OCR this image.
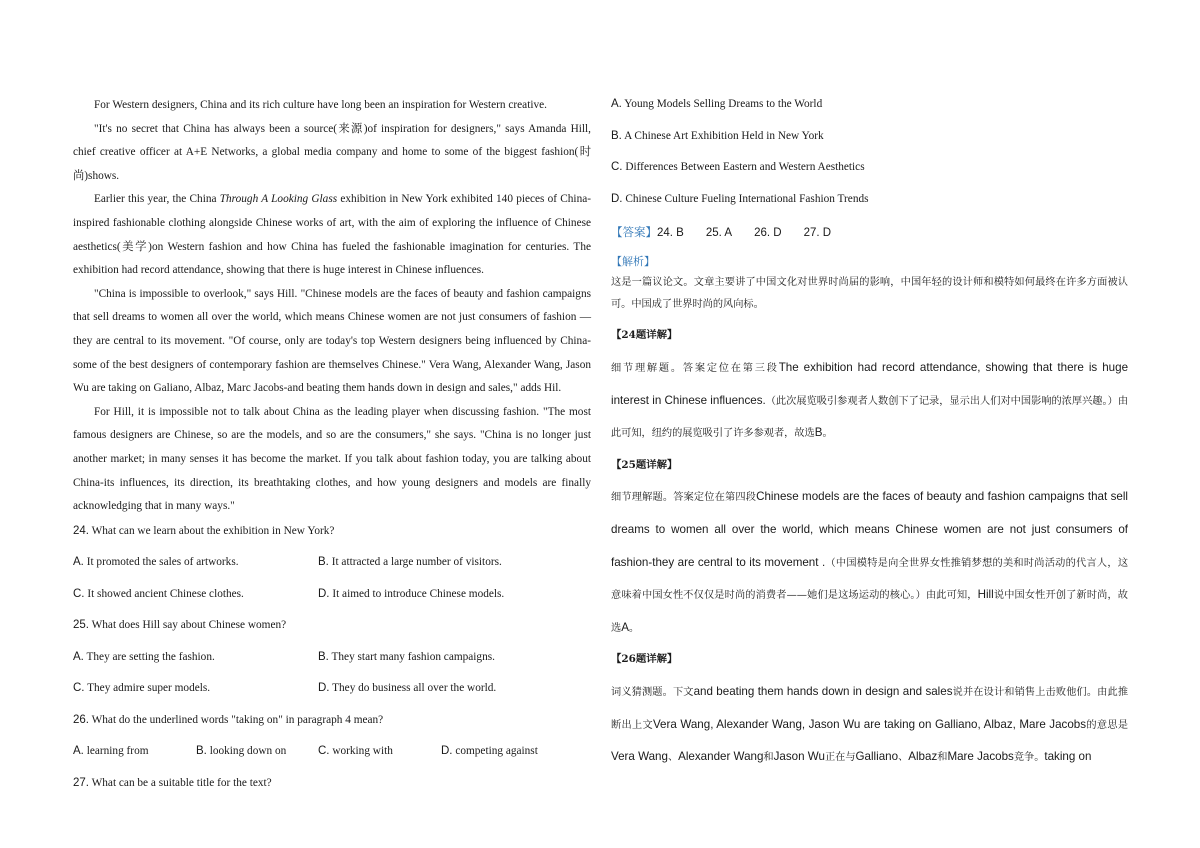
For Western designers, China and its rich culture have long been an inspiration for Western creative.

"It's no secret that China has always been a source(来源)of inspiration for designers," says Amanda Hill, chief creative officer at A+E Networks, a global media company and home to some of the biggest fashion(时尚)shows.

Earlier this year, the China Through A Looking Glass exhibition in New York exhibited 140 pieces of China-inspired fashionable clothing alongside Chinese works of art, with the aim of exploring the influence of Chinese aesthetics(美学)on Western fashion and how China has fueled the fashionable imagination for centuries. The exhibition had record attendance, showing that there is huge interest in Chinese influences.

"China is impossible to overlook," says Hill. "Chinese models are the faces of beauty and fashion campaigns that sell dreams to women all over the world, which means Chinese women are not just consumers of fashion — they are central to its movement. "Of course, only are today's top Western designers being influenced by China-some of the best designers of contemporary fashion are themselves Chinese." Vera Wang, Alexander Wang, Jason Wu are taking on Galiano, Albaz, Marc Jacobs-and beating them hands down in design and sales," adds Hil.

For Hill, it is impossible not to talk about China as the leading player when discussing fashion. "The most famous designers are Chinese, so are the models, and so are the consumers," she says. "China is no longer just another market; in many senses it has become the market. If you talk about fashion today, you are talking about China-its influences, its direction, its breathtaking clothes, and how young designers and models are finally acknowledging that in many ways."

24. What can we learn about the exhibition in New York?
A. It promoted the sales of artworks.	B. It attracted a large number of visitors.
C. It showed ancient Chinese clothes.	D. It aimed to introduce Chinese models.
25. What does Hill say about Chinese women?
A. They are setting the fashion.	B. They start many fashion campaigns.
C. They admire super models.	D. They do business all over the world.
26. What do the underlined words "taking on" in paragraph 4 mean?
A. learning from	B. looking down on	C. working with	D. competing against
27. What can be a suitable title for the text?
A. Young Models Selling Dreams to the World
B. A Chinese Art Exhibition Held in New York
C. Differences Between Eastern and Western Aesthetics
D. Chinese Culture Fueling International Fashion Trends
【答案】24. B 25. A 26. D 27. D
【解析】

这是一篇议论文。文章主要讲了中国文化对世界时尚届的影响，中国年轻的设计师和模特如何最终在许多方面被认可。中国成了世界时尚的风向标。

【24题详解】

细节理解题。答案定位在第三段The exhibition had record attendance, showing that there is huge interest in Chinese influences.（此次展览吸引参观者人数创下了记录，显示出人们对中国影响的浓厚兴趣。）由此可知，纽约的展览吸引了许多参观者，故选B。

【25题详解】

细节理解题。答案定位在第四段Chinese models are the faces of beauty and fashion campaigns that sell dreams to women all over the world, which means Chinese women are not just consumers of fashion-they are central to its movement .（中国模特是向全世界女性推销梦想的美和时尚活动的代言人，这意味着中国女性不仅仅是时尚的消费者——她们是这场运动的核心。）由此可知，Hill说中国女性开创了新时尚，故选A。

【26题详解】

词义猜测题。下文and beating them hands down in design and sales说并在设计和销售上击败他们。由此推断出上文Vera Wang, Alexander Wang, Jason Wu are taking on Galliano, Albaz, Mare Jacobs的意思是Vera Wang、Alexander Wang和Jason Wu正在与Galliano、Albaz和Mare Jacobs竞争。taking on
